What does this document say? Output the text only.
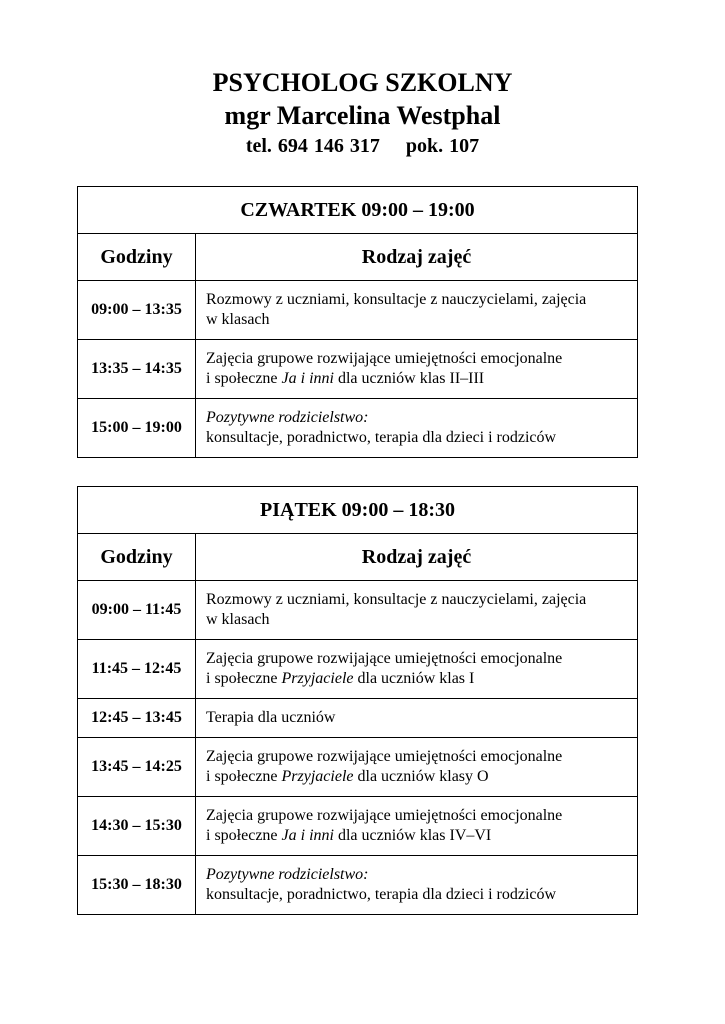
PSYCHOLOG SZKOLNY
mgr Marcelina Westphal
tel. 694 146 317 pok. 107
CZWARTEK 09:00 – 19:00	
Godziny	Rodzaj zajęć
09:00 – 13:35	Rozmowy z uczniami, konsultacje z nauczycielami, zajęcia
w klasach
13:35 – 14:35	Zajęcia grupowe rozwijające umiejętności emocjonalne
i społeczne Ja i inni dla uczniów klas II–III
15:00 – 19:00	Pozytywne rodzicielstwo:
konsultacje, poradnictwo, terapia dla dzieci i rodziców
PIĄTEK 09:00 – 18:30	
Godziny	Rodzaj zajęć
09:00 – 11:45	Rozmowy z uczniami, konsultacje z nauczycielami, zajęcia
w klasach
11:45 – 12:45	Zajęcia grupowe rozwijające umiejętności emocjonalne
i społeczne Przyjaciele dla uczniów klas I
12:45 – 13:45	Terapia dla uczniów
13:45 – 14:25	Zajęcia grupowe rozwijające umiejętności emocjonalne
i społeczne Przyjaciele dla uczniów klasy O
14:30 – 15:30	Zajęcia grupowe rozwijające umiejętności emocjonalne
i społeczne Ja i inni dla uczniów klas IV–VI
15:30 – 18:30	Pozytywne rodzicielstwo:
konsultacje, poradnictwo, terapia dla dzieci i rodziców
